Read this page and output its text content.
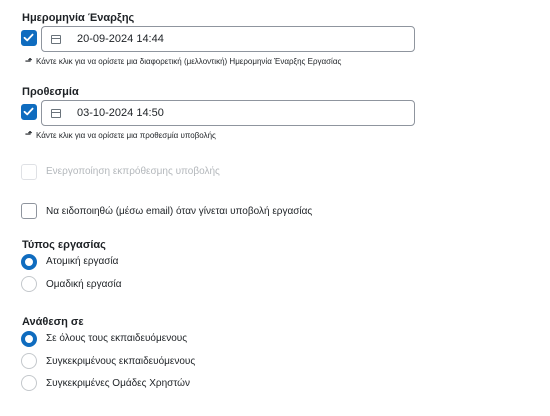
Ημερομηνία Έναρξης
20-09-2024 14:44
⬏ Κάντε κλικ για να ορίσετε μια διαφορετική (μελλοντική) Ημερομηνία Έναρξης Εργασίας
Προθεσμία
03-10-2024 14:50
⬏ Κάντε κλικ για να ορίσετε μια προθεσμία υποβολής
Ενεργοποίηση εκπρόθεσμης υποβολής
Να ειδοποιηθώ (μέσω email) όταν γίνεται υποβολή εργασίας
Τύπος εργασίας
Ατομική εργασία
Ομαδική εργασία
Ανάθεση σε
Σε όλους τους εκπαιδευόμενους
Συγκεκριμένους εκπαιδευόμενους
Συγκεκριμένες Ομάδες Χρηστών
